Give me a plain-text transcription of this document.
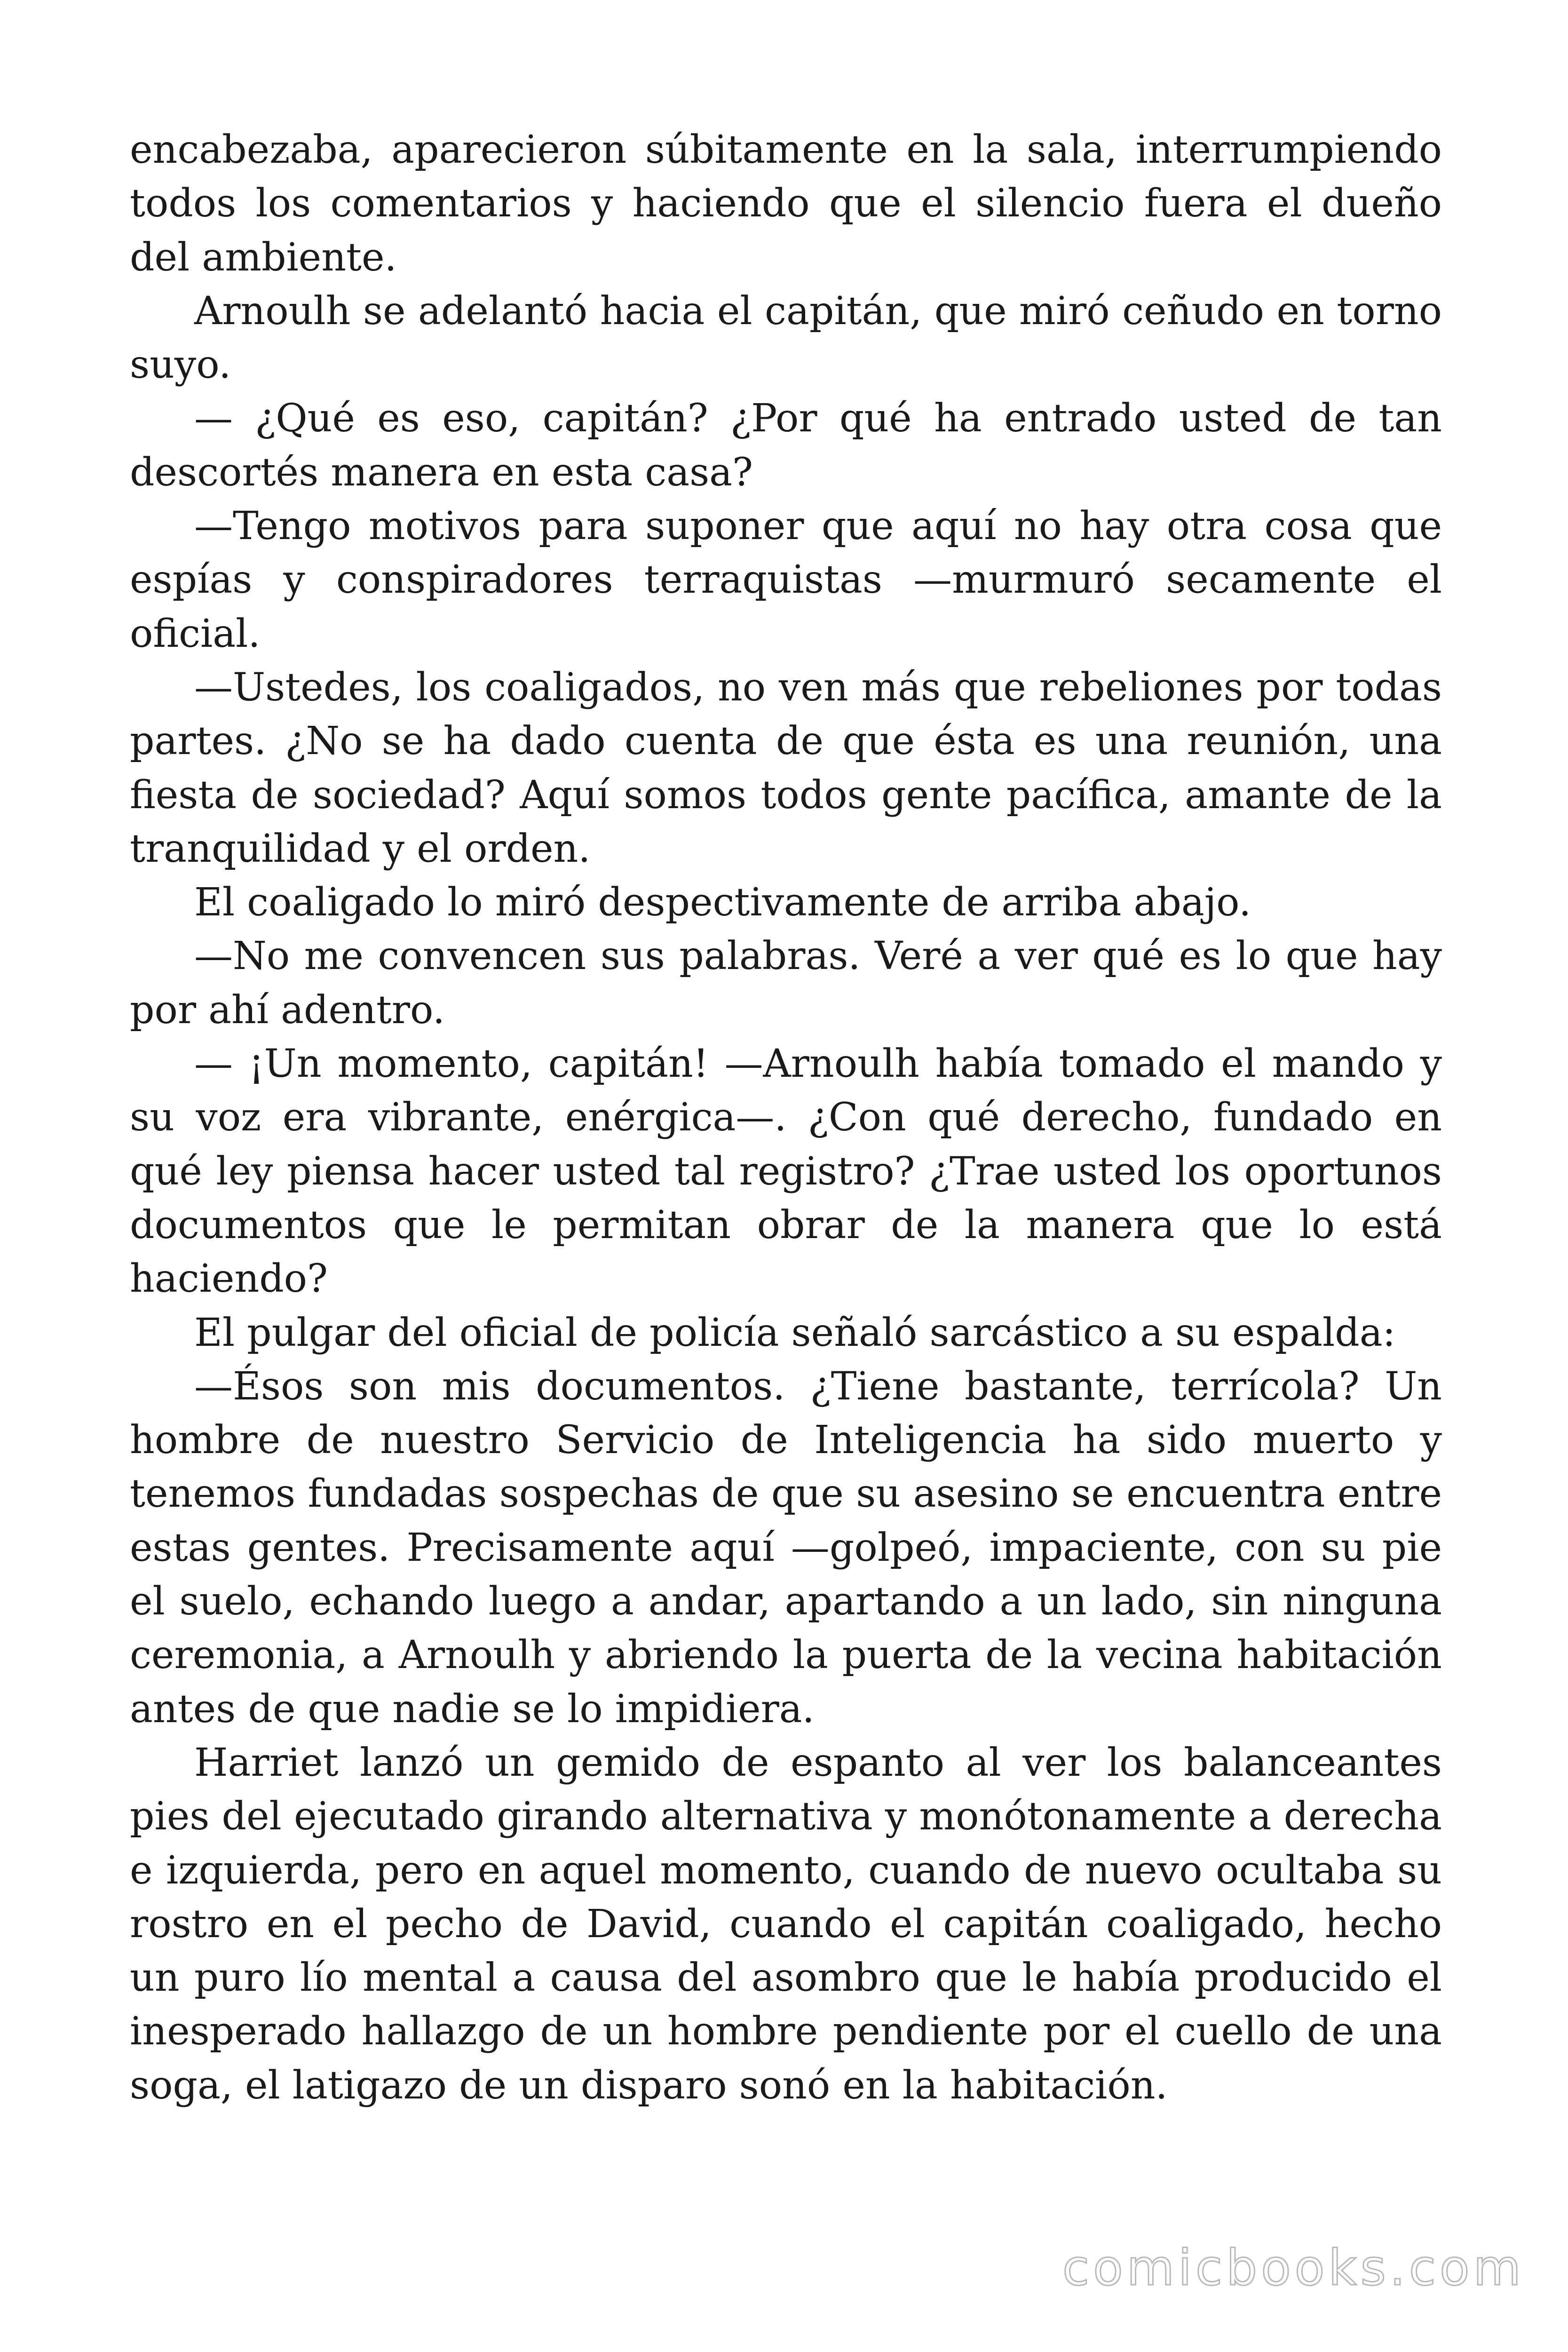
encabezaba, aparecieron súbitamente en la sala, interrumpiendo todos los comentarios y haciendo que el silencio fuera el dueño del ambiente.

Arnoulh se adelantó hacia el capitán, que miró ceñudo en torno suyo.

— ¿Qué es eso, capitán? ¿Por qué ha entrado usted de tan descortés manera en esta casa?

—Tengo motivos para suponer que aquí no hay otra cosa que espías y conspiradores terraquistas —murmuró secamente el oficial.

—Ustedes, los coaligados, no ven más que rebeliones por todas partes. ¿No se ha dado cuenta de que ésta es una reunión, una fiesta de sociedad? Aquí somos todos gente pacífica, amante de la tranquilidad y el orden.

El coaligado lo miró despectivamente de arriba abajo.

—No me convencen sus palabras. Veré a ver qué es lo que hay por ahí adentro.

— ¡Un momento, capitán! —Arnoulh había tomado el mando y su voz era vibrante, enérgica—. ¿Con qué derecho, fundado en qué ley piensa hacer usted tal registro? ¿Trae usted los oportunos documentos que le permitan obrar de la manera que lo está haciendo?

El pulgar del oficial de policía señaló sarcástico a su espalda:

—Ésos son mis documentos. ¿Tiene bastante, terrícola? Un hombre de nuestro Servicio de Inteligencia ha sido muerto y tenemos fundadas sospechas de que su asesino se encuentra entre estas gentes. Precisamente aquí —golpeó, impaciente, con su pie el suelo, echando luego a andar, apartando a un lado, sin ninguna ceremonia, a Arnoulh y abriendo la puerta de la vecina habitación antes de que nadie se lo impidiera.

Harriet lanzó un gemido de espanto al ver los balanceantes pies del ejecutado girando alternativa y monótonamente a derecha e izquierda, pero en aquel momento, cuando de nuevo ocultaba su rostro en el pecho de David, cuando el capitán coaligado, hecho un puro lío mental a causa del asombro que le había producido el inesperado hallazgo de un hombre pendiente por el cuello de una soga, el latigazo de un disparo sonó en la habitación.

comicbooks.com
